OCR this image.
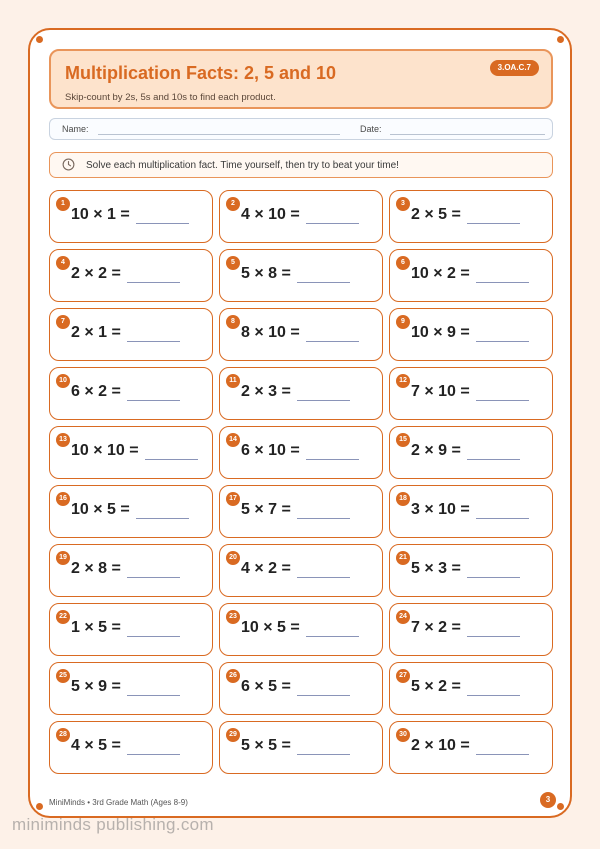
Multiplication Facts: 2, 5 and 10
Skip-count by 2s, 5s and 10s to find each product.
3.OA.C.7
Name:	Date:
Solve each multiplication fact. Time yourself, then try to beat your time!
1
10 × 1 =
2
4 × 10 =
3
2 × 5 =
4
2 × 2 =
5
5 × 8 =
6
10 × 2 =
7
2 × 1 =
8
8 × 10 =
9
10 × 9 =
10
6 × 2 =
11
2 × 3 =
12
7 × 10 =
13
10 × 10 =
14
6 × 10 =
15
2 × 9 =
16
10 × 5 =
17
5 × 7 =
18
3 × 10 =
19
2 × 8 =
20
4 × 2 =
21
5 × 3 =
22
1 × 5 =
23
10 × 5 =
24
7 × 2 =
25
5 × 9 =
26
6 × 5 =
27
5 × 2 =
28
4 × 5 =
29
5 × 5 =
30
2 × 10 =
MiniMinds • 3rd Grade Math (Ages 8-9)	3
miniminds publishing.com
